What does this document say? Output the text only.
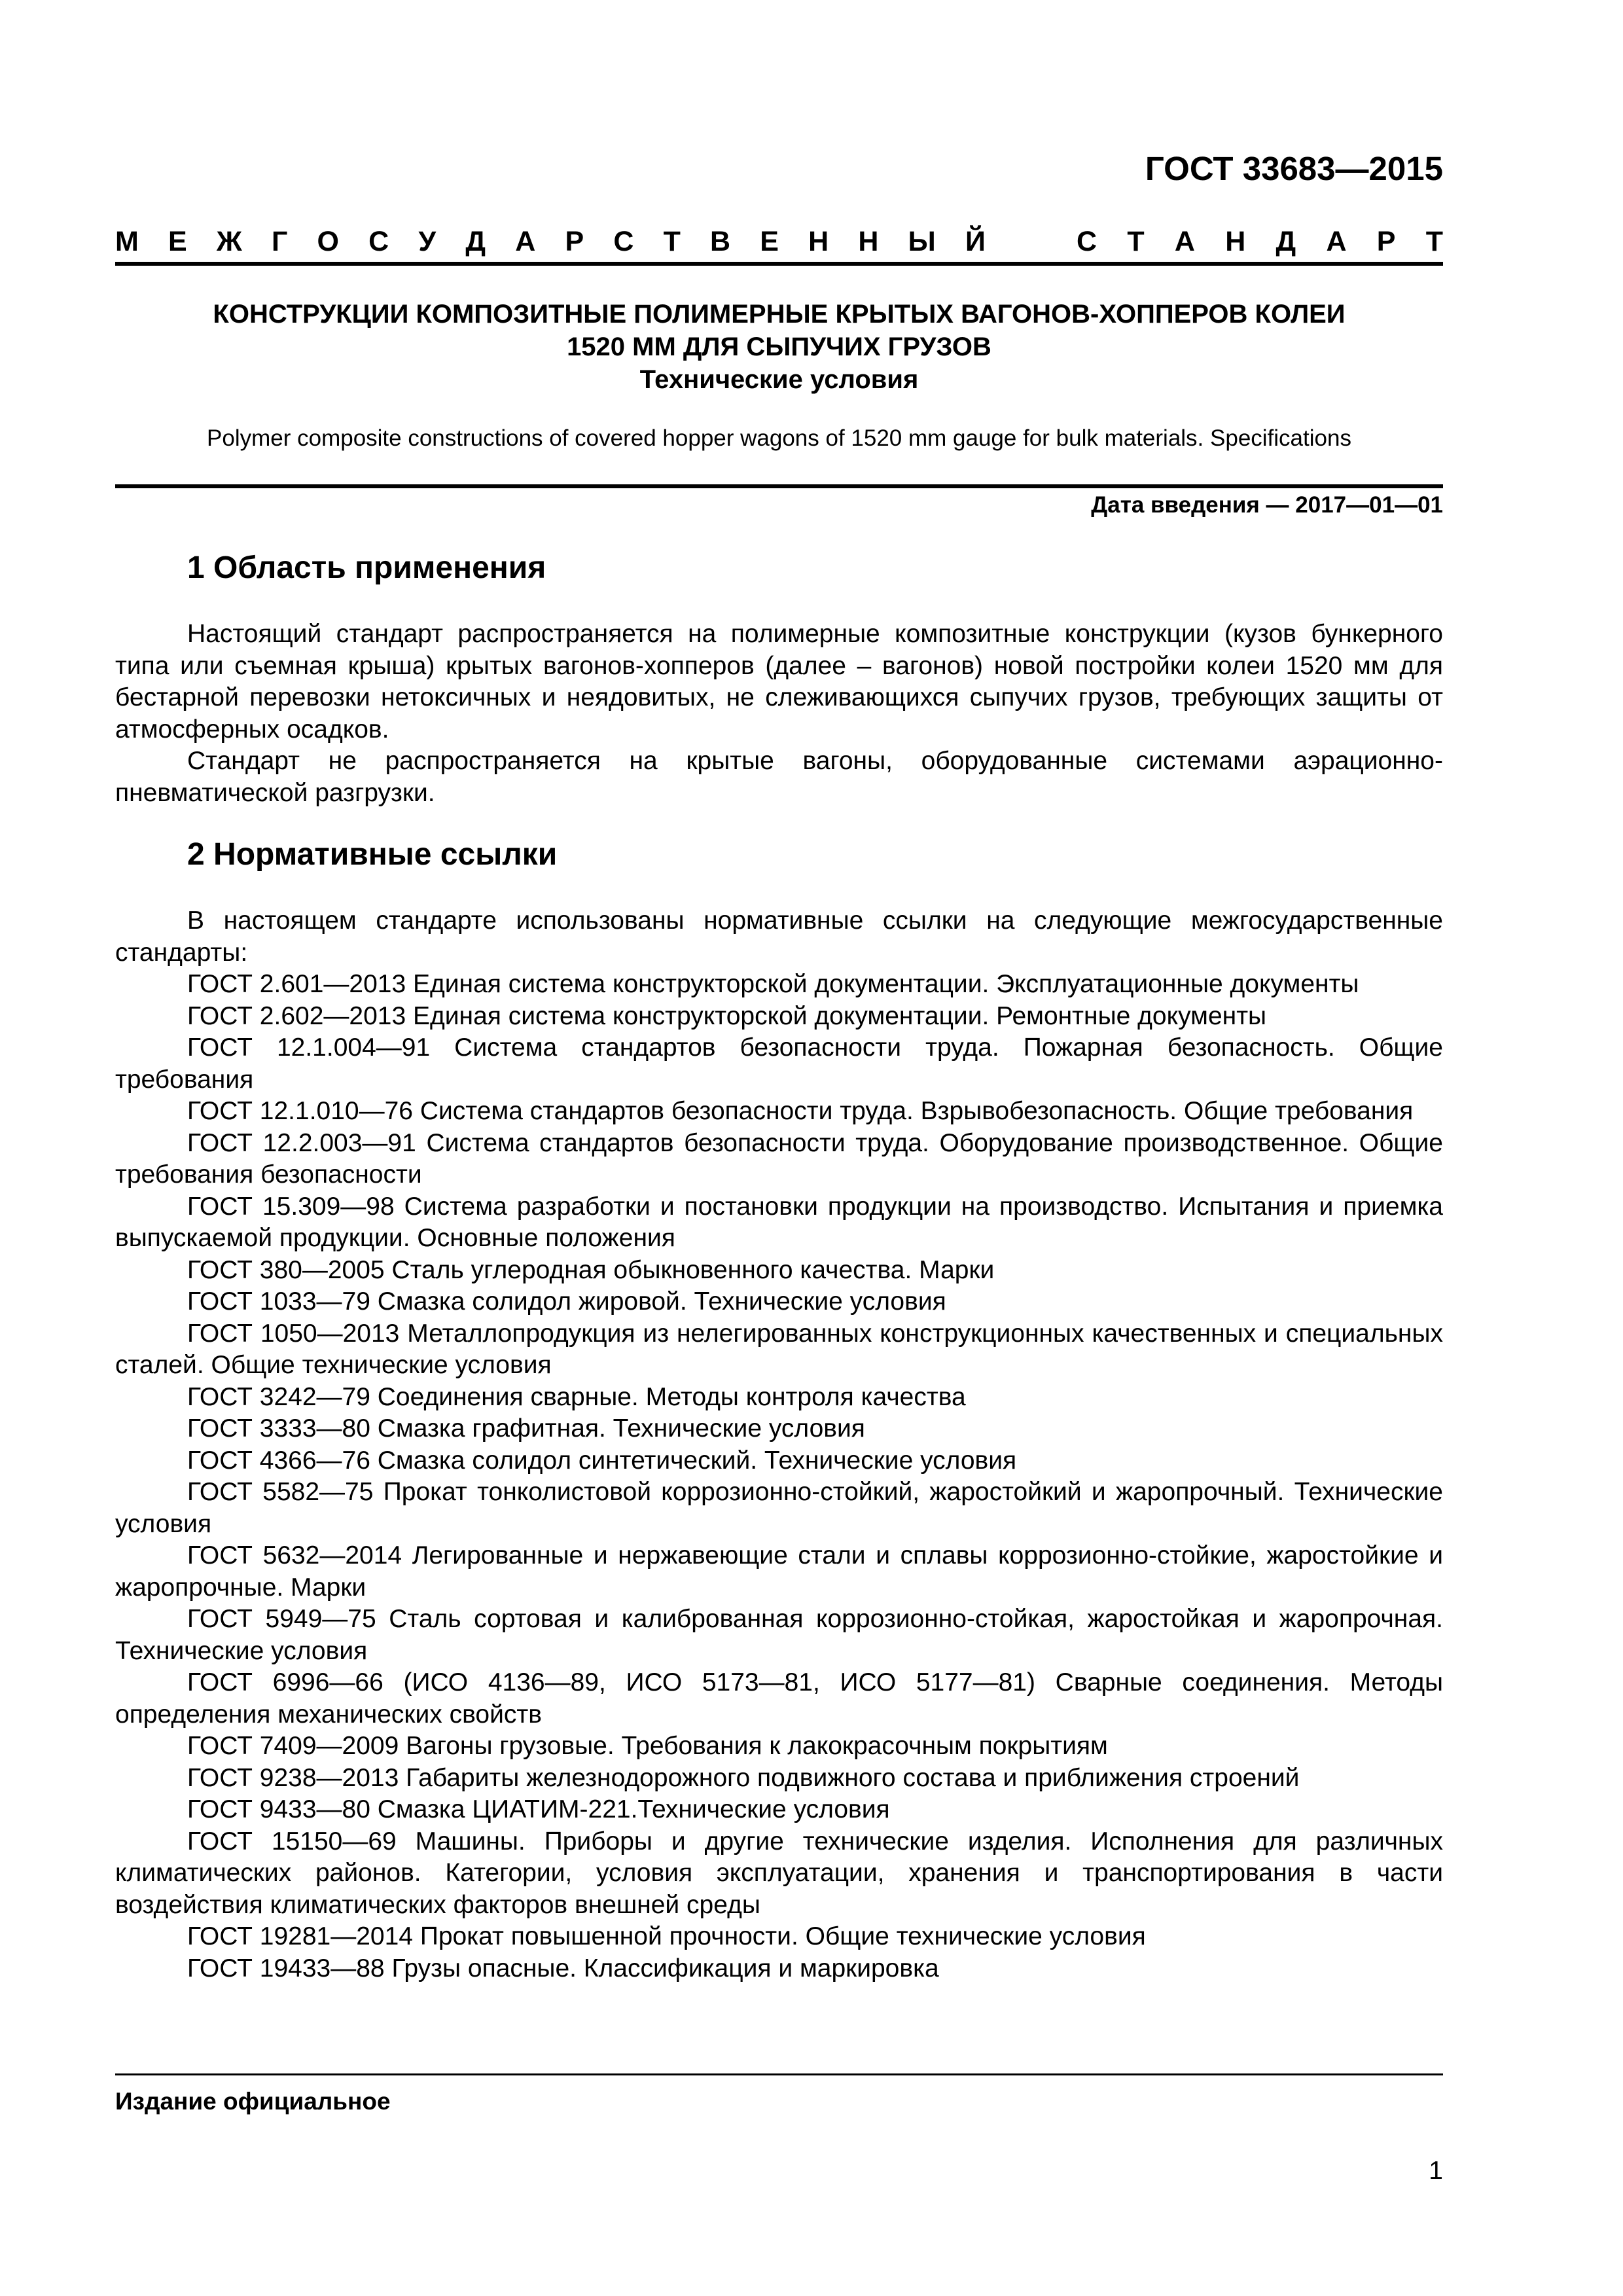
ГОСТ 33683—2015
М Е Ж Г О С У Д А Р С Т В Е Н Н Ы Й	С Т А Н Д А Р Т
КОНСТРУКЦИИ КОМПОЗИТНЫЕ ПОЛИМЕРНЫЕ КРЫТЫХ ВАГОНОВ-ХОППЕРОВ КОЛЕИ
1520 ММ ДЛЯ СЫПУЧИХ ГРУЗОВ
Технические условия
Polymer composite constructions of covered hopper wagons of 1520 mm gauge for bulk materials. Specifications
Дата введения — 2017—01—01
1 Область применения

Настоящий стандарт распространяется на полимерные композитные конструкции (кузов бункерного типа или съемная крыша) крытых вагонов-хопперов (далее – вагонов) новой постройки колеи 1520 мм для бестарной перевозки нетоксичных и неядовитых, не слеживающихся сыпучих грузов, требующих защиты от атмосферных осадков.

Стандарт не распространяется на крытые вагоны, оборудованные системами аэрационно-пневматической разгрузки.

2 Нормативные ссылки

В настоящем стандарте использованы нормативные ссылки на следующие межгосударственные стандарты:

ГОСТ 2.601—2013 Единая система конструкторской документации. Эксплуатационные документы

ГОСТ 2.602—2013 Единая система конструкторской документации. Ремонтные документы

ГОСТ 12.1.004—91 Система стандартов безопасности труда. Пожарная безопасность. Общие требования

ГОСТ 12.1.010—76 Система стандартов безопасности труда. Взрывобезопасность. Общие требования

ГОСТ 12.2.003—91 Система стандартов безопасности труда. Оборудование производственное. Общие требования безопасности

ГОСТ 15.309—98 Система разработки и постановки продукции на производство. Испытания и приемка выпускаемой продукции. Основные положения

ГОСТ 380—2005 Сталь углеродная обыкновенного качества. Марки

ГОСТ 1033—79 Смазка солидол жировой. Технические условия

ГОСТ 1050—2013 Металлопродукция из нелегированных конструкционных качественных и специальных сталей. Общие технические условия

ГОСТ 3242—79 Соединения сварные. Методы контроля качества

ГОСТ 3333—80 Смазка графитная. Технические условия

ГОСТ 4366—76 Смазка солидол синтетический. Технические условия

ГОСТ 5582—75 Прокат тонколистовой коррозионно-стойкий, жаростойкий и жаропрочный. Технические условия

ГОСТ 5632—2014 Легированные и нержавеющие стали и сплавы коррозионно-стойкие, жаростойкие и жаропрочные. Марки

ГОСТ 5949—75 Сталь сортовая и калиброванная коррозионно-стойкая, жаростойкая и жаропрочная. Технические условия

ГОСТ 6996—66 (ИСО 4136—89, ИСО 5173—81, ИСО 5177—81) Сварные соединения. Методы определения механических свойств

ГОСТ 7409—2009 Вагоны грузовые. Требования к лакокрасочным покрытиям

ГОСТ 9238—2013 Габариты железнодорожного подвижного состава и приближения строений

ГОСТ 9433—80 Смазка ЦИАТИМ-221.Технические условия

ГОСТ 15150—69 Машины. Приборы и другие технические изделия. Исполнения для различных климатических районов. Категории, условия эксплуатации, хранения и транспортирования в части воздействия климатических факторов внешней среды

ГОСТ 19281—2014 Прокат повышенной прочности. Общие технические условия

ГОСТ 19433—88 Грузы опасные. Классификация и маркировка

Издание официальное
1
